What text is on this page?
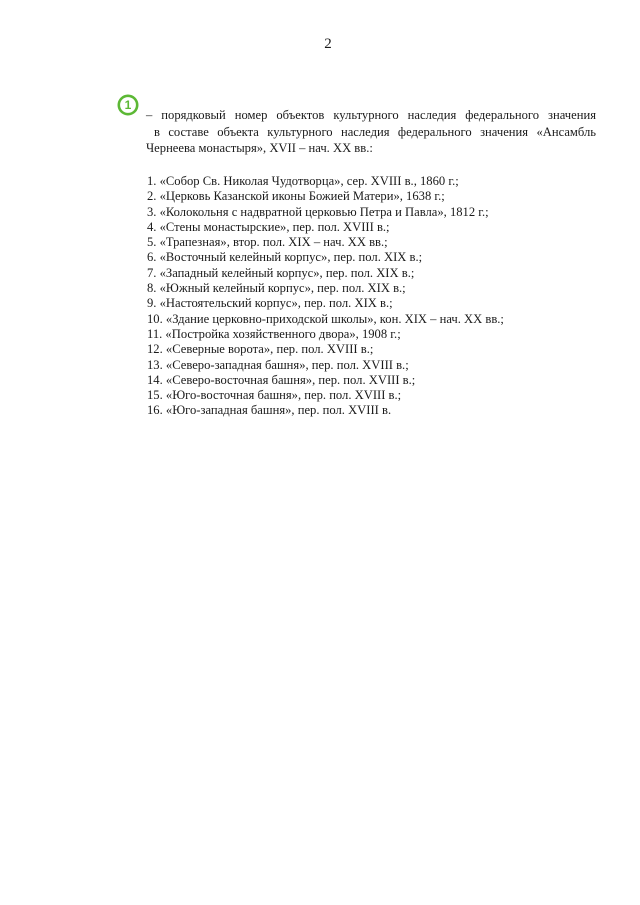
2
1
– порядковый номер объектов культурного наследия федерального значения
в составе объекта культурного наследия федерального значения «Ансамбль
Чернеева монастыря», XVII – нач. XX вв.:
1. «Собор Св. Николая Чудотворца», сер. XVIII в., 1860 г.;
2. «Церковь Казанской иконы Божией Матери», 1638 г.;
3. «Колокольня с надвратной церковью Петра и Павла», 1812 г.;
4. «Стены монастырские», пер. пол. XVIII в.;
5. «Трапезная», втор. пол. XIX – нач. XX вв.;
6. «Восточный келейный корпус», пер. пол. XIX в.;
7. «Западный келейный корпус», пер. пол. XIX в.;
8. «Южный келейный корпус», пер. пол. XIX в.;
9. «Настоятельский корпус», пер. пол. XIX в.;
10. «Здание церковно-приходской школы», кон. XIX – нач. XX вв.;
11. «Постройка хозяйственного двора», 1908 г.;
12. «Северные ворота», пер. пол. XVIII в.;
13. «Северо-западная башня», пер. пол. XVIII в.;
14. «Северо-восточная башня», пер. пол. XVIII в.;
15. «Юго-восточная башня», пер. пол. XVIII в.;
16. «Юго-западная башня», пер. пол. XVIII в.
